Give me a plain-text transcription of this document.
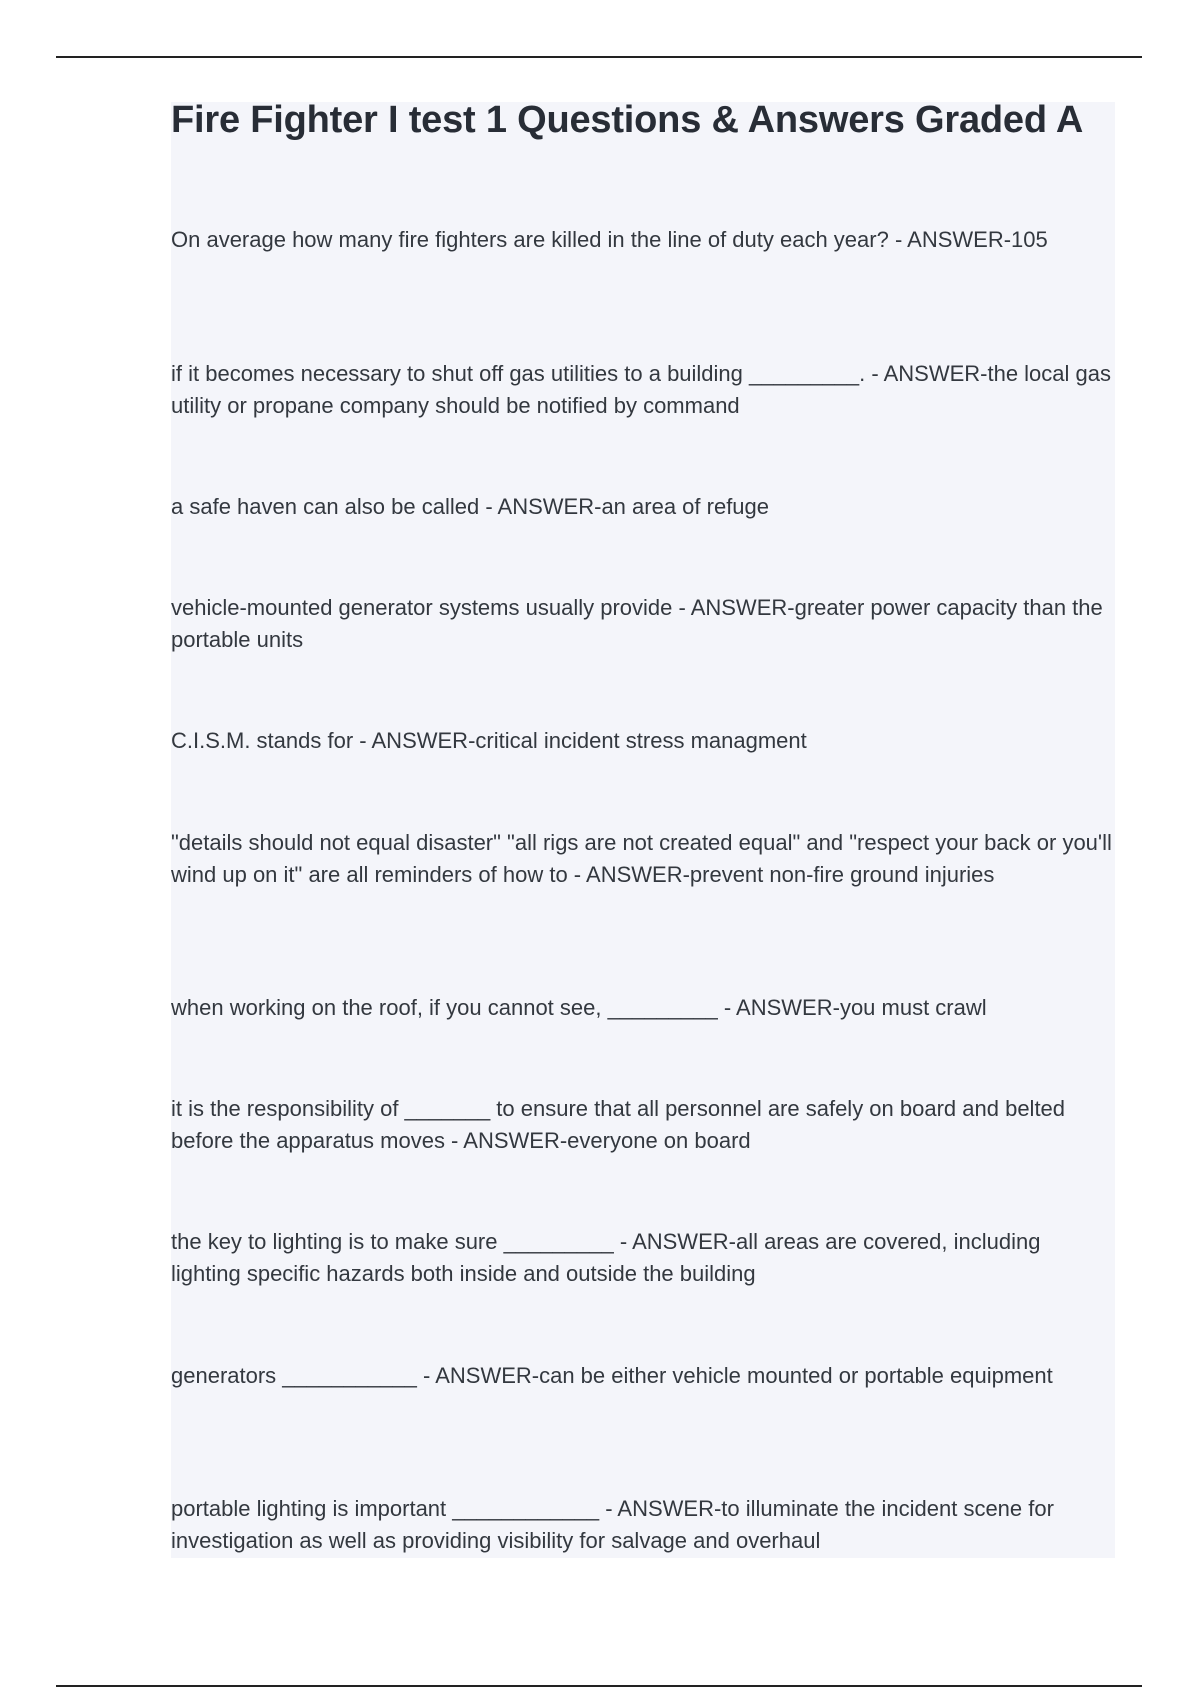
Fire Fighter I test 1 Questions & Answers Graded A

On average how many fire fighters are killed in the line of duty each year? - ANSWER-105

if it becomes necessary to shut off gas utilities to a building _________. - ANSWER-the local gas utility or propane company should be notified by command

a safe haven can also be called - ANSWER-an area of refuge

vehicle-mounted generator systems usually provide - ANSWER-greater power capacity than the portable units

C.I.S.M. stands for - ANSWER-critical incident stress managment

"details should not equal disaster" "all rigs are not created equal" and "respect your back or you'll wind up on it" are all reminders of how to - ANSWER-prevent non-fire ground injuries

when working on the roof, if you cannot see, _________ - ANSWER-you must crawl

it is the responsibility of _______ to ensure that all personnel are safely on board and belted before the apparatus moves - ANSWER-everyone on board

the key to lighting is to make sure _________ - ANSWER-all areas are covered, including lighting specific hazards both inside and outside the building

generators ___________ - ANSWER-can be either vehicle mounted or portable equipment

portable lighting is important ____________ - ANSWER-to illuminate the incident scene for investigation as well as providing visibility for salvage and overhaul
